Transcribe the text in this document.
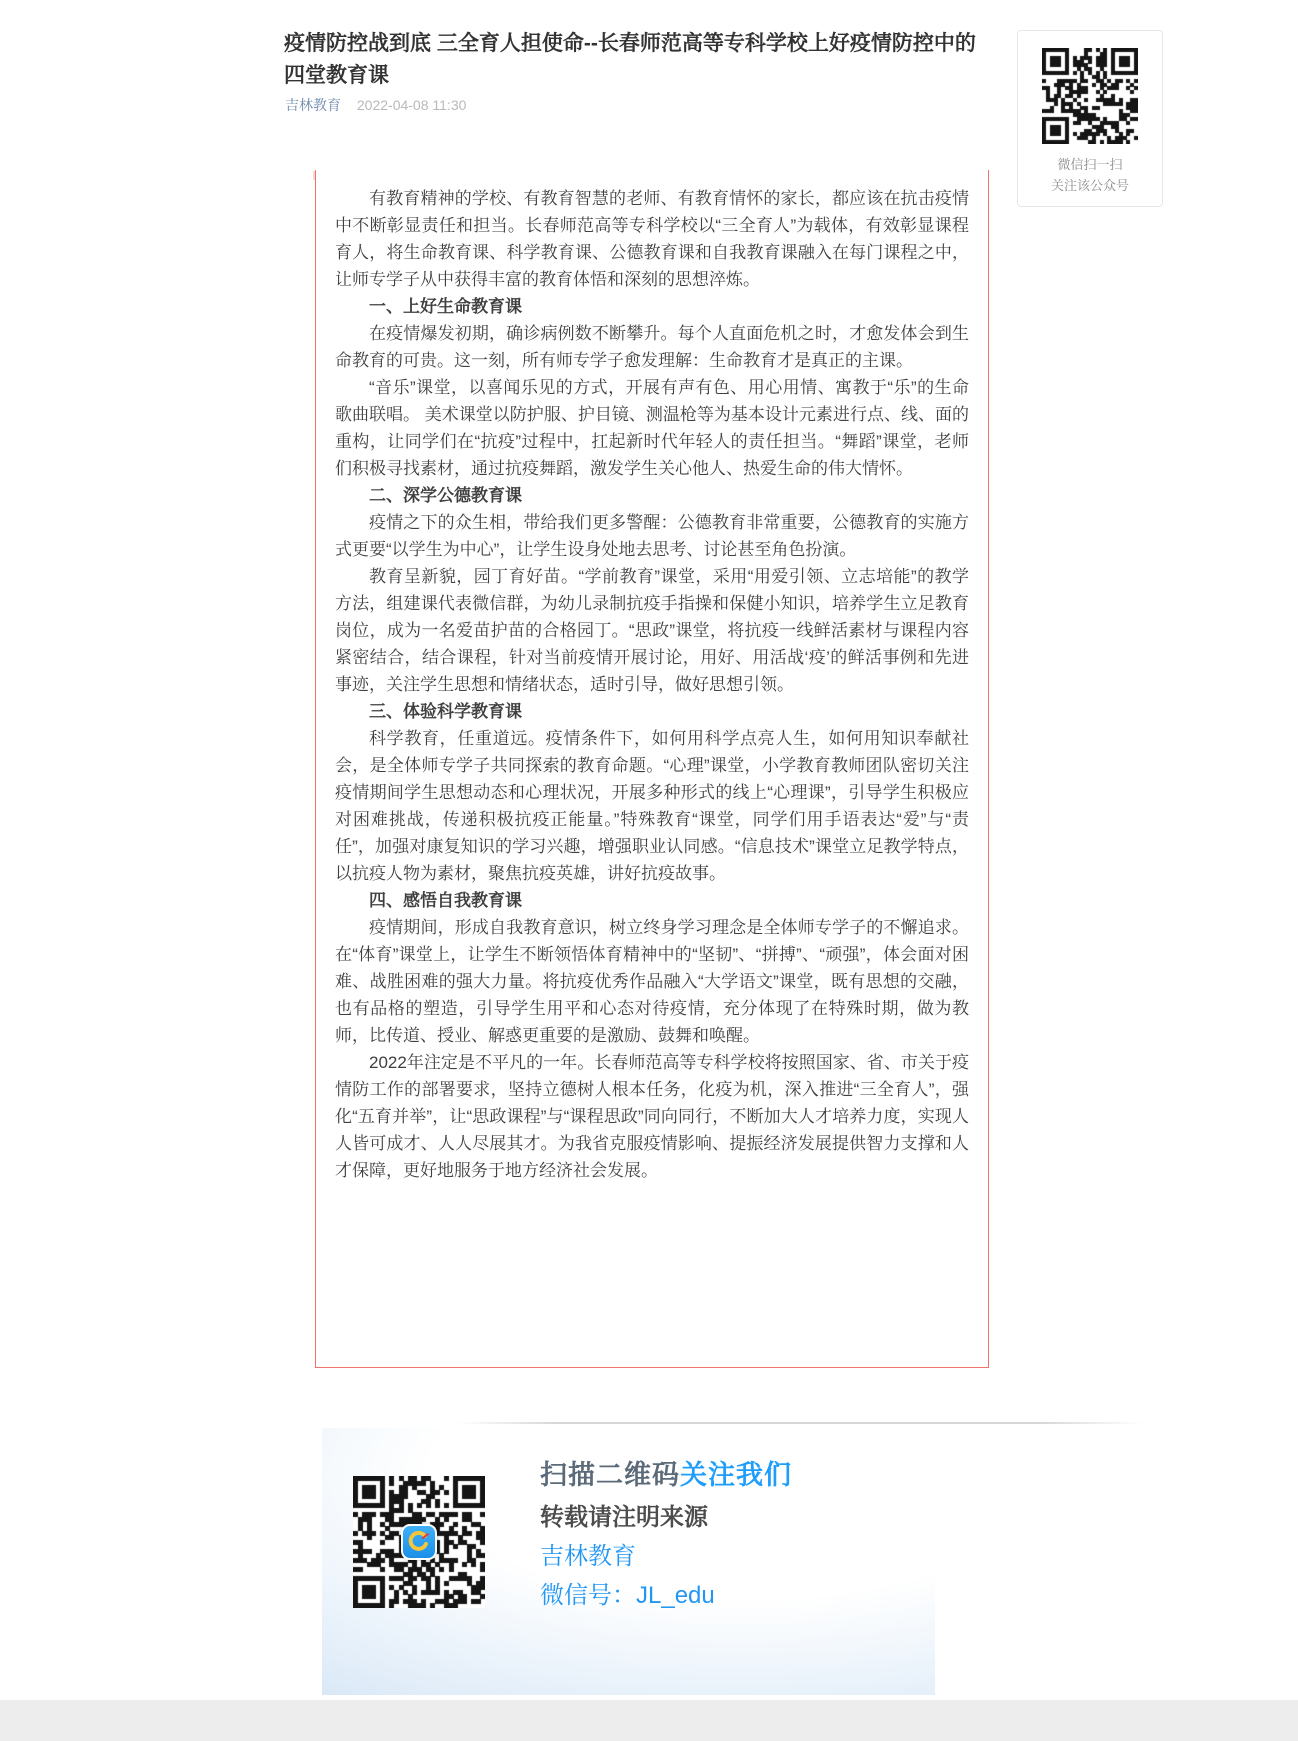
疫情防控战到底 三全育人担使命--长春师范高等专科学校上好疫情防控中的四堂教育课
吉林教育 2022-04-08 11:30
微信扫一扫
关注该公众号

有教育精神的学校、有教育智慧的老师、有教育情怀的家长，都应该在抗击疫情中不断彰显责任和担当。长春师范高等专科学校以“三全育人”为载体，有效彰显课程育人，将生命教育课、科学教育课、公德教育课和自我教育课融入在每门课程之中，让师专学子从中获得丰富的教育体悟和深刻的思想淬炼。

一、上好生命教育课

在疫情爆发初期，确诊病例数不断攀升。每个人直面危机之时，才愈发体会到生命教育的可贵。这一刻，所有师专学子愈发理解：生命教育才是真正的主课。

“音乐”课堂，以喜闻乐见的方式，开展有声有色、用心用情、寓教于“乐”的生命歌曲联唱。 美术课堂以防护服、护目镜、测温枪等为基本设计元素进行点、线、面的重构，让同学们在“抗疫”过程中，扛起新时代年轻人的责任担当。“舞蹈”课堂，老师们积极寻找素材，通过抗疫舞蹈，激发学生关心他人、热爱生命的伟大情怀。

二、深学公德教育课

疫情之下的众生相，带给我们更多警醒：公德教育非常重要，公德教育的实施方式更要“以学生为中心”，让学生设身处地去思考、讨论甚至角色扮演。

教育呈新貌，园丁育好苗。“学前教育”课堂，采用“用爱引领、立志培能”的教学方法，组建课代表微信群，为幼儿录制抗疫手指操和保健小知识，培养学生立足教育岗位，成为一名爱苗护苗的合格园丁。“思政”课堂，将抗疫一线鲜活素材与课程内容紧密结合，结合课程，针对当前疫情开展讨论，用好、用活战‘疫’的鲜活事例和先进事迹，关注学生思想和情绪状态，适时引导，做好思想引领。

三、体验科学教育课

科学教育，任重道远。疫情条件下，如何用科学点亮人生，如何用知识奉献社会，是全体师专学子共同探索的教育命题。“心理”课堂，小学教育教师团队密切关注疫情期间学生思想动态和心理状况，开展多种形式的线上“心理课”，引导学生积极应对困难挑战，传递积极抗疫正能量。”特殊教育“课堂，同学们用手语表达“爱”与“责任”，加强对康复知识的学习兴趣，增强职业认同感。“信息技术”课堂立足教学特点，以抗疫人物为素材，聚焦抗疫英雄，讲好抗疫故事。

四、感悟自我教育课

疫情期间，形成自我教育意识，树立终身学习理念是全体师专学子的不懈追求。在“体育”课堂上，让学生不断领悟体育精神中的“坚韧”、“拼搏”、“顽强”，体会面对困难、战胜困难的强大力量。将抗疫优秀作品融入“大学语文”课堂，既有思想的交融，也有品格的塑造，引导学生用平和心态对待疫情，充分体现了在特殊时期，做为教师，比传道、授业、解惑更重要的是激励、鼓舞和唤醒。

2022年注定是不平凡的一年。长春师范高等专科学校将按照国家、省、市关于疫情防工作的部署要求，坚持立德树人根本任务，化疫为机，深入推进“三全育人”，强化“五育并举”，让“思政课程”与“课程思政”同向同行，不断加大人才培养力度，实现人人皆可成才、人人尽展其才。为我省克服疫情影响、提振经济发展提供智力支撑和人才保障，更好地服务于地方经济社会发展。

扫描二维码关注我们
转载请注明来源
吉林教育
微信号：JL_edu
